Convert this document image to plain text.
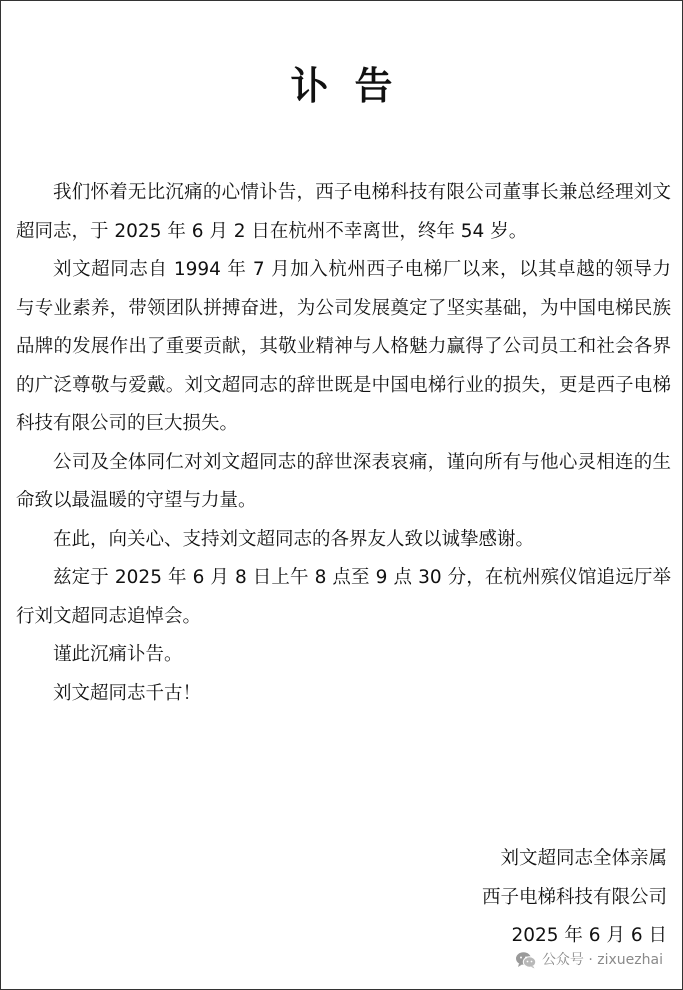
讣告

我们怀着无比沉痛的心情讣告，西子电梯科技有限公司董事长兼总经理刘文超同志，于 2025 年 6 月 2 日在杭州不幸离世，终年 54 岁。

刘文超同志自 1994 年 7 月加入杭州西子电梯厂以来，以其卓越的领导力与专业素养，带领团队拼搏奋进，为公司发展奠定了坚实基础，为中国电梯民族品牌的发展作出了重要贡献，其敬业精神与人格魅力赢得了公司员工和社会各界的广泛尊敬与爱戴。刘文超同志的辞世既是中国电梯行业的损失，更是西子电梯科技有限公司的巨大损失。

公司及全体同仁对刘文超同志的辞世深表哀痛，谨向所有与他心灵相连的生命致以最温暖的守望与力量。

在此，向关心、支持刘文超同志的各界友人致以诚挚感谢。

兹定于 2025 年 6 月 8 日上午 8 点至 9 点 30 分，在杭州殡仪馆追远厅举行刘文超同志追悼会。

谨此沉痛讣告。

刘文超同志千古！

刘文超同志全体亲属
西子电梯科技有限公司
2025 年 6 月 6 日
公众号 · zixuezhai
